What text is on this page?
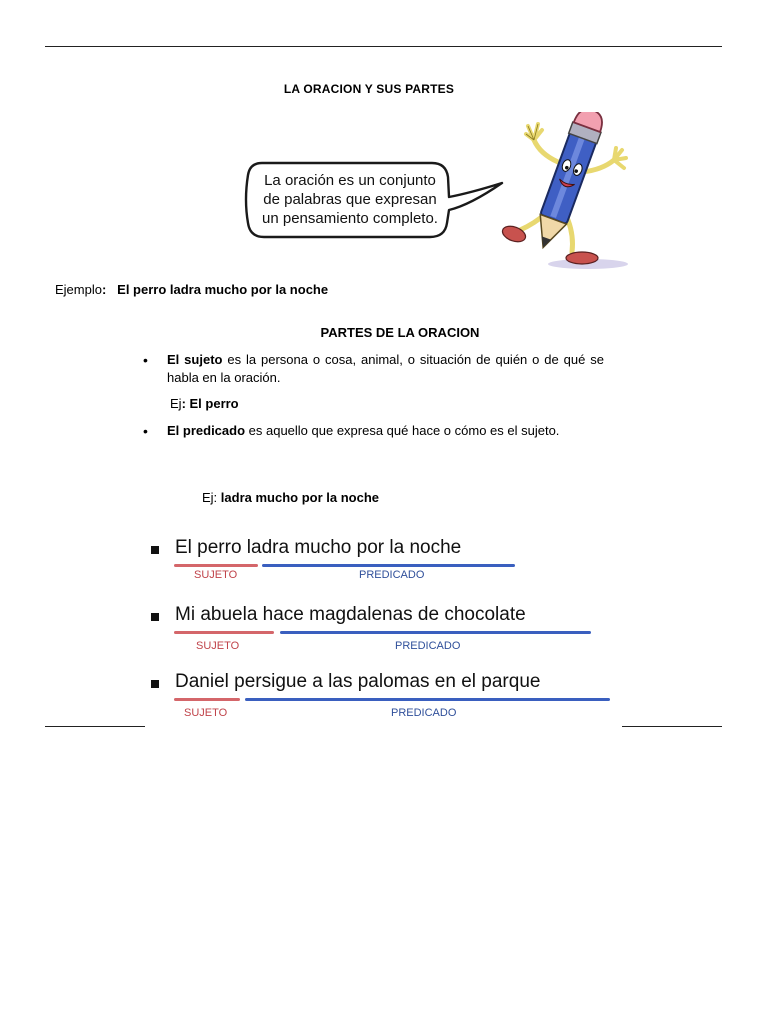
LA ORACION Y SUS PARTES
La oración es un conjunto
de palabras que expresan
un pensamiento completo.
Ejemplo: El perro ladra mucho por la noche
PARTES DE LA ORACION
• El sujeto es la persona o cosa, animal, o situación de quién o de qué se habla en la oración.
Ej: El perro
• El predicado es aquello que expresa qué hace o cómo es el sujeto.
Ej: ladra mucho por la noche
El perro ladra mucho por la noche
SUJETO	PREDICADO
Mi abuela hace magdalenas de chocolate
SUJETO	PREDICADO
Daniel persigue a las palomas en el parque
SUJETO	PREDICADO
